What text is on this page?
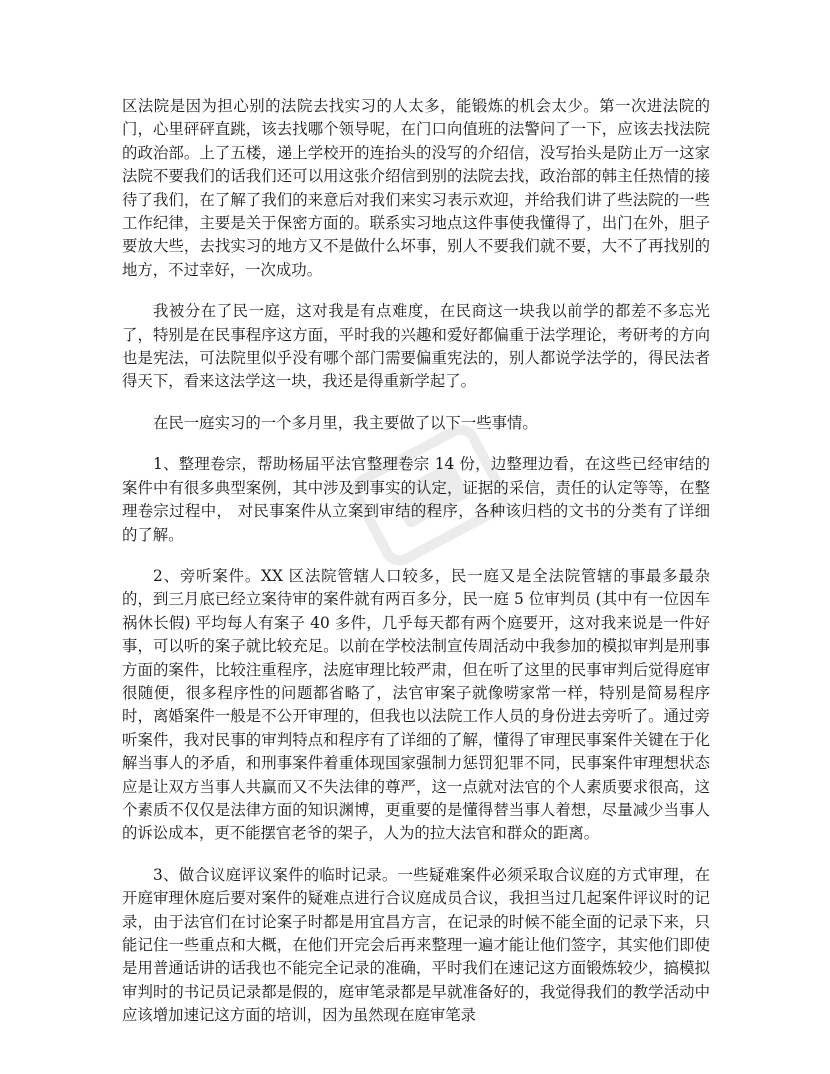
区法院是因为担心别的法院去找实习的人太多，能锻炼的机会太少。第一次进法院的门，心里砰砰直跳，该去找哪个领导呢，在门口向值班的法警问了一下，应该去找法院的政治部。上了五楼，递上学校开的连抬头的没写的介绍信，没写抬头是防止万一这家法院不要我们的话我们还可以用这张介绍信到别的法院去找，政治部的韩主任热情的接待了我们，在了解了我们的来意后对我们来实习表示欢迎，并给我们讲了些法院的一些工作纪律，主要是关于保密方面的。联系实习地点这件事使我懂得了，出门在外，胆子要放大些，去找实习的地方又不是做什么坏事，别人不要我们就不要，大不了再找别的地方，不过幸好，一次成功。

我被分在了民一庭，这对我是有点难度，在民商这一块我以前学的都差不多忘光了，特别是在民事程序这方面，平时我的兴趣和爱好都偏重于法学理论，考研考的方向也是宪法，可法院里似乎没有哪个部门需要偏重宪法的，别人都说学法学的，得民法者得天下，看来这法学这一块，我还是得重新学起了。

在民一庭实习的一个多月里，我主要做了以下一些事情。

1、整理卷宗，帮助杨届平法官整理卷宗 14 份，边整理边看，在这些已经审结的案件中有很多典型案例，其中涉及到事实的认定，证据的采信，责任的认定等等，在整理卷宗过程中， 对民事案件从立案到审结的程序，各种该归档的文书的分类有了详细的了解。

2、旁听案件。XX 区法院管辖人口较多，民一庭又是全法院管辖的事最多最杂的，到三月底已经立案待审的案件就有两百多分，民一庭 5 位审判员 (其中有一位因车祸休长假) 平均每人有案子 40 多件，几乎每天都有两个庭要开，这对我来说是一件好事，可以听的案子就比较充足。以前在学校法制宣传周活动中我参加的模拟审判是刑事方面的案件，比较注重程序，法庭审理比较严肃，但在听了这里的民事审判后觉得庭审很随便，很多程序性的问题都省略了，法官审案子就像唠家常一样，特别是简易程序时，离婚案件一般是不公开审理的，但我也以法院工作人员的身份进去旁听了。通过旁听案件，我对民事的审判特点和程序有了详细的了解，懂得了审理民事案件关键在于化解当事人的矛盾，和刑事案件着重体现国家强制力惩罚犯罪不同，民事案件审理想状态应是让双方当事人共赢而又不失法律的尊严，这一点就对法官的个人素质要求很高，这个素质不仅仅是法律方面的知识渊博，更重要的是懂得替当事人着想，尽量减少当事人的诉讼成本，更不能摆官老爷的架子，人为的拉大法官和群众的距离。

3、做合议庭评议案件的临时记录。一些疑难案件必须采取合议庭的方式审理，在开庭审理休庭后要对案件的疑难点进行合议庭成员合议，我担当过几起案件评议时的记录，由于法官们在讨论案子时都是用宜昌方言，在记录的时候不能全面的记录下来，只能记住一些重点和大概，在他们开完会后再来整理一遍才能让他们签字，其实他们即使是用普通话讲的话我也不能完全记录的准确，平时我们在速记这方面锻炼较少，搞模拟审判时的书记员记录都是假的，庭审笔录都是早就准备好的，我觉得我们的教学活动中应该增加速记这方面的培训，因为虽然现在庭审笔录
